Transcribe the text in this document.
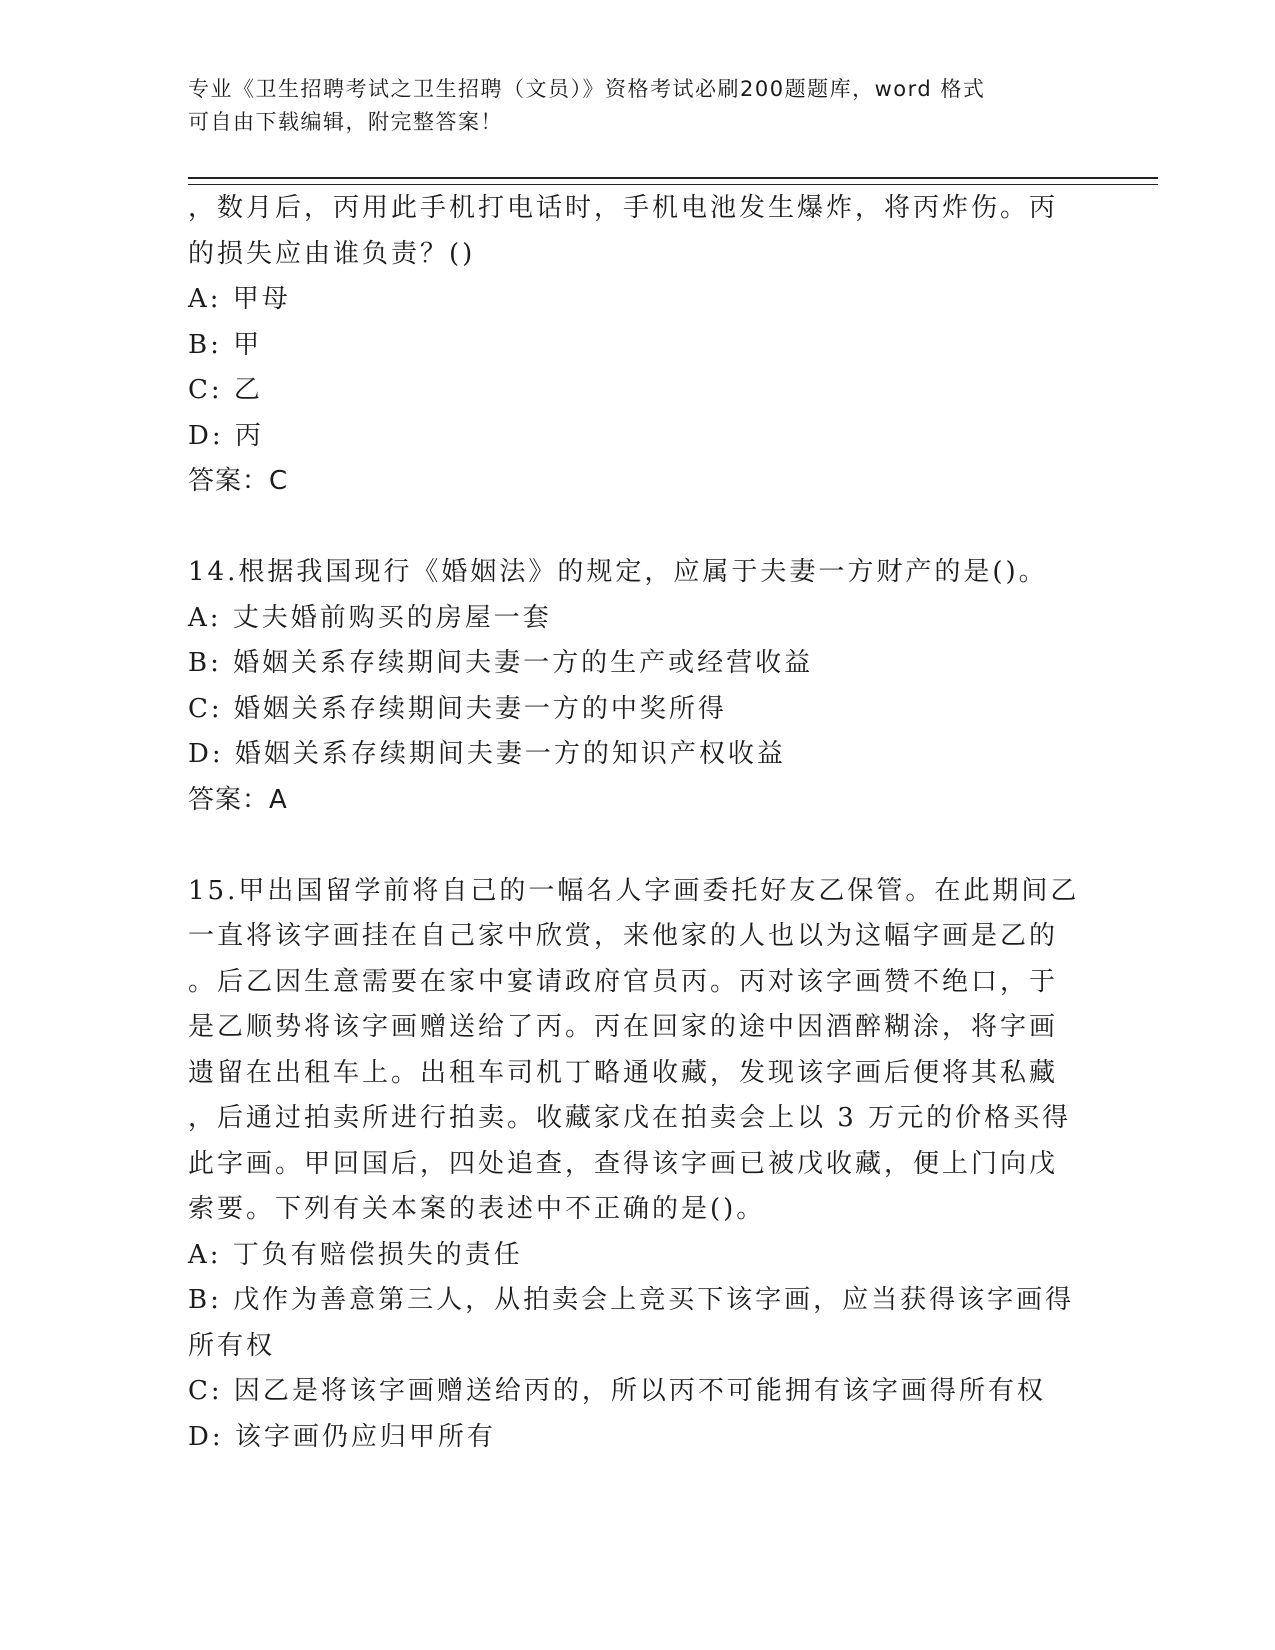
专业《卫生招聘考试之卫生招聘（文员）》资格考试必刷200题题库，word 格式
可自由下载编辑，附完整答案！
，数月后，丙用此手机打电话时，手机电池发生爆炸，将丙炸伤。丙
的损失应由谁负责？()
A: 甲母
B: 甲
C: 乙
D: 丙
答案：C
14.根据我国现行《婚姻法》的规定，应属于夫妻一方财产的是()。
A: 丈夫婚前购买的房屋一套
B: 婚姻关系存续期间夫妻一方的生产或经营收益
C: 婚姻关系存续期间夫妻一方的中奖所得
D: 婚姻关系存续期间夫妻一方的知识产权收益
答案：A
15.甲出国留学前将自己的一幅名人字画委托好友乙保管。在此期间乙
一直将该字画挂在自己家中欣赏，来他家的人也以为这幅字画是乙的
。后乙因生意需要在家中宴请政府官员丙。丙对该字画赞不绝口，于
是乙顺势将该字画赠送给了丙。丙在回家的途中因酒醉糊涂，将字画
遗留在出租车上。出租车司机丁略通收藏，发现该字画后便将其私藏
，后通过拍卖所进行拍卖。收藏家戊在拍卖会上以 3 万元的价格买得
此字画。甲回国后，四处追查，查得该字画已被戊收藏，便上门向戊
索要。下列有关本案的表述中不正确的是()。
A: 丁负有赔偿损失的责任
B: 戊作为善意第三人，从拍卖会上竞买下该字画，应当获得该字画得
所有权
C: 因乙是将该字画赠送给丙的，所以丙不可能拥有该字画得所有权
D: 该字画仍应归甲所有
